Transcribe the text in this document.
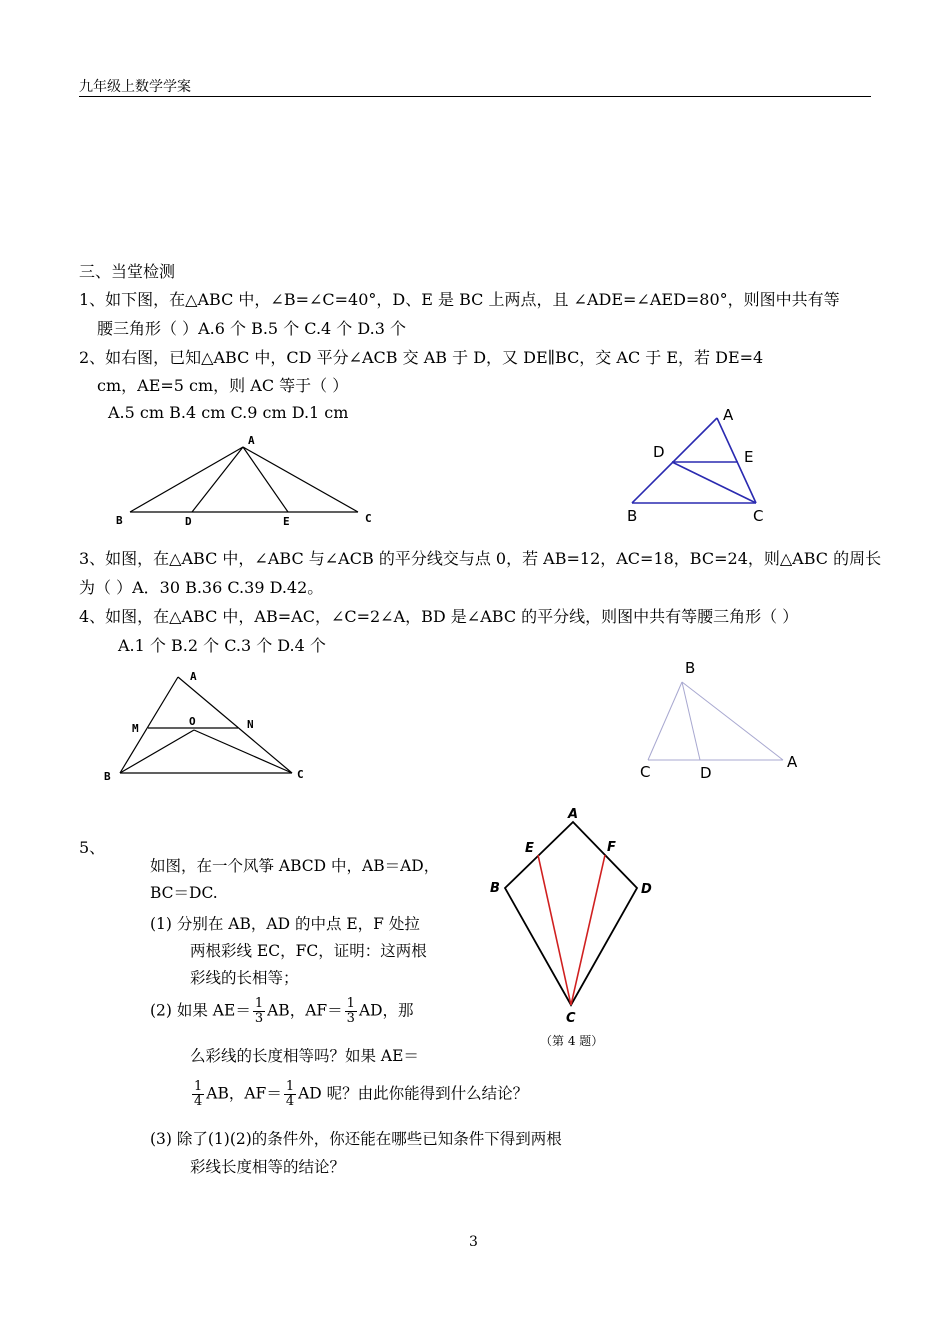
九年级上数学学案
三、当堂检测
1、如下图，在△ABC 中，∠B=∠C=40°，D、E 是 BC 上两点，且 ∠ADE=∠AED=80°，则图中共有等
腰三角形（ ）A.6 个 B.5 个 C.4 个 D.3 个
2、如右图，已知△ABC 中，CD 平分∠ACB 交 AB 于 D，又 DE∥BC，交 AC 于 E，若 DE=4
cm，AE=5 cm，则 AC 等于（ ）
A.5 cm B.4 cm C.9 cm D.1 cm
A
B	D	E	C
A
D	E
B	C
3、如图，在△ABC 中，∠ABC 与∠ACB 的平分线交与点 0，若 AB=12，AC=18，BC=24，则△ABC 的周长
为（ ）A．30 B.36 C.39 D.42。
4、如图，在△ABC 中，AB=AC，∠C=2∠A，BD 是∠ABC 的平分线，则图中共有等腰三角形（ ）
A.1 个 B.2 个 C.3 个 D.4 个
A
M
O	N
B	C
B
C	D
A
5、
如图，在一个风筝 ABCD 中，AB＝AD，
BC＝DC.
(1) 分别在 AB，AD 的中点 E，F 处拉
两根彩线 EC，FC，证明：这两根
彩线的长相等；
(2) 如果 $AE= \frac{1}{3}$ AB，$AF= \frac{1}{3}$ AD，那
么彩线的长度相等吗？如果 AE＝
$\frac{1}{4}$ AB，$AF= \frac{1}{4}$ AD 呢？由此你能得到什么结论？
(3) 除了(1)(2)的条件外，你还能在哪些已知条件下得到两根
彩线长度相等的结论？
A
E	F
B	D
C
（第 4 题）
3
